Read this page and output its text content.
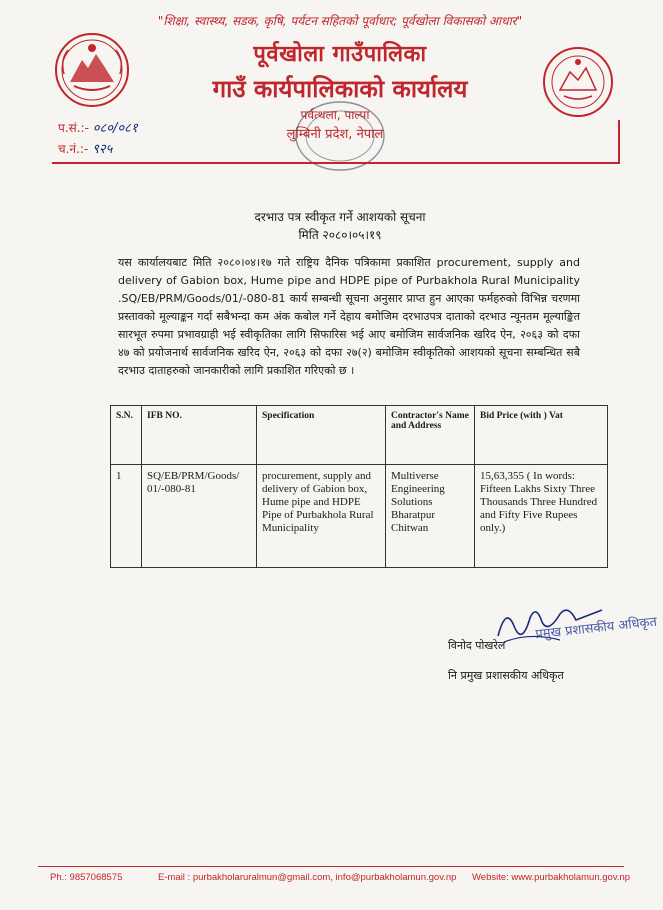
"शिक्षा, स्वास्थ्य, सडक, कृषि, पर्यटन सहितको पूर्वाधार; पूर्वखोला विकासको आधार"
पूर्वखोला गाउँपालिका
गाउँ कार्यपालिकाको कार्यालय
पर्वत्थला, पाल्पा
लुम्बिनी प्रदेश, नेपाल
प.सं.:- ०८०/०८१
च.नं.:- ९२५
दरभाउ पत्र स्वीकृत गर्ने आशयको सूचना
मिति २०८०।०५।१९
यस कार्यालयबाट मिति २०८०।०४।१७ गते राष्ट्रिय दैनिक पत्रिकामा प्रकाशित procurement, supply and delivery of Gabion box, Hume pipe and HDPE pipe of Purbakhola Rural Municipality .SQ/EB/PRM/Goods/01/-080-81 कार्य सम्बन्धी सूचना अनुसार प्राप्त हुन आएका फर्महरुको विभिन्न चरणमा प्रस्तावको मूल्याङ्कन गर्दा सबैभन्दा कम अंक कबोल गर्ने देहाय बमोजिम दरभाउपत्र दाताको दरभाउ न्यूनतम मूल्याङ्कित सारभूत रुपमा प्रभावग्राही भई स्वीकृतिका लागि सिफारिस भई आए बमोजिम सार्वजनिक खरिद ऐन, २०६३ को दफा ४७ को प्रयोजनार्थ सार्वजनिक खरिद ऐन, २०६३ को दफा २७(२) बमोजिम स्वीकृतिको आशयको सूचना सम्बन्धित सबै दरभाउ दाताहरुको जानकारीको लागि प्रकाशित गरिएको छ ।
S.N.	IFB NO.	Specification	Contractor's Name and Address	Bid Price (with ) Vat
1	SQ/EB/PRM/Goods/ 01/-080-81	procurement, supply and delivery of Gabion box, Hume pipe and HDPE Pipe of Purbakhola Rural Municipality	Multiverse Engineering Solutions Bharatpur Chitwan	15,63,355 ( In words: Fifteen Lakhs Sixty Three Thousands Three Hundred and Fifty Five Rupees only.)
प्रमुख प्रशासकीय अधिकृत
विनोद पोखरेल
नि प्रमुख प्रशासकीय अधिकृत
Ph.: 9857068575	E-mail : purbakholaruralmun@gmail.com, info@purbakholamun.gov.np Website: www.purbakholamun.gov.np
